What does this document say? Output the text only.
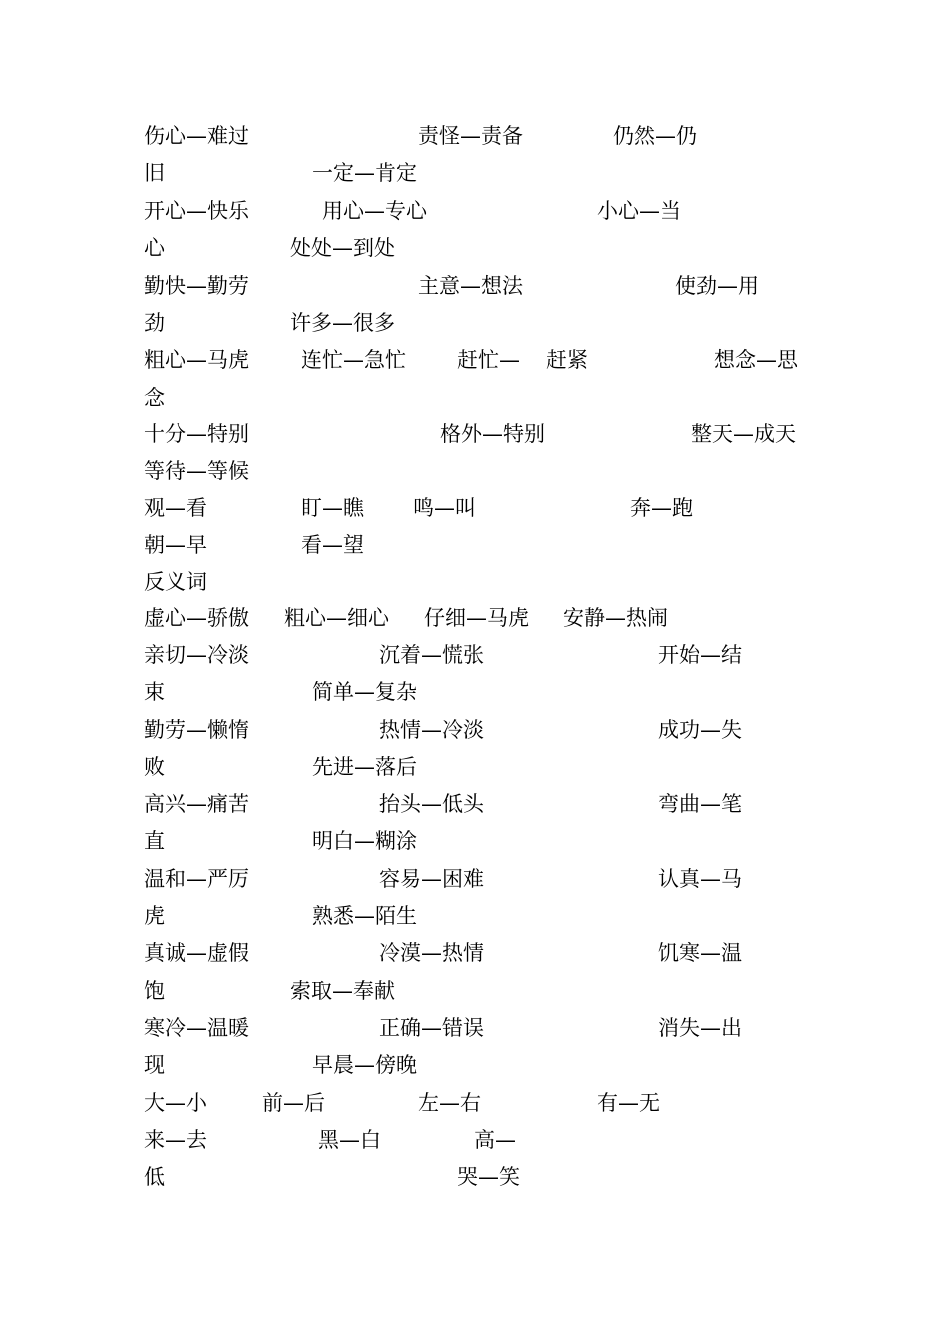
伤心—难过	责怪—责备	仍然—仍
旧	一定—肯定
开心—快乐	用心—专心	小心—当
心	处处—到处
勤快—勤劳	主意—想法	使劲—用
劲	许多—很多
粗心—马虎 连忙—急忙 赶忙— 赶紧	想念—思
念
十分—特别	格外—特别	整天—成天
等待—等候
观—看	盯—瞧 鸣—叫	奔—跑
朝—早	看—望
反义词
虚心—骄傲 粗心—细心 仔细—马虎 安静—热闹
亲切—冷淡	沉着—慌张	开始—结
束	简单—复杂
勤劳—懒惰	热情—冷淡	成功—失
败	先进—落后
高兴—痛苦	抬头—低头	弯曲—笔
直	明白—糊涂
温和—严厉	容易—困难	认真—马
虎	熟悉—陌生
真诚—虚假	冷漠—热情	饥寒—温
饱	索取—奉献
寒冷—温暖	正确—错误	消失—出
现	早晨—傍晚
大—小	前—后	左—右	有—无
来—去	黑—白	高—
低	哭—笑
